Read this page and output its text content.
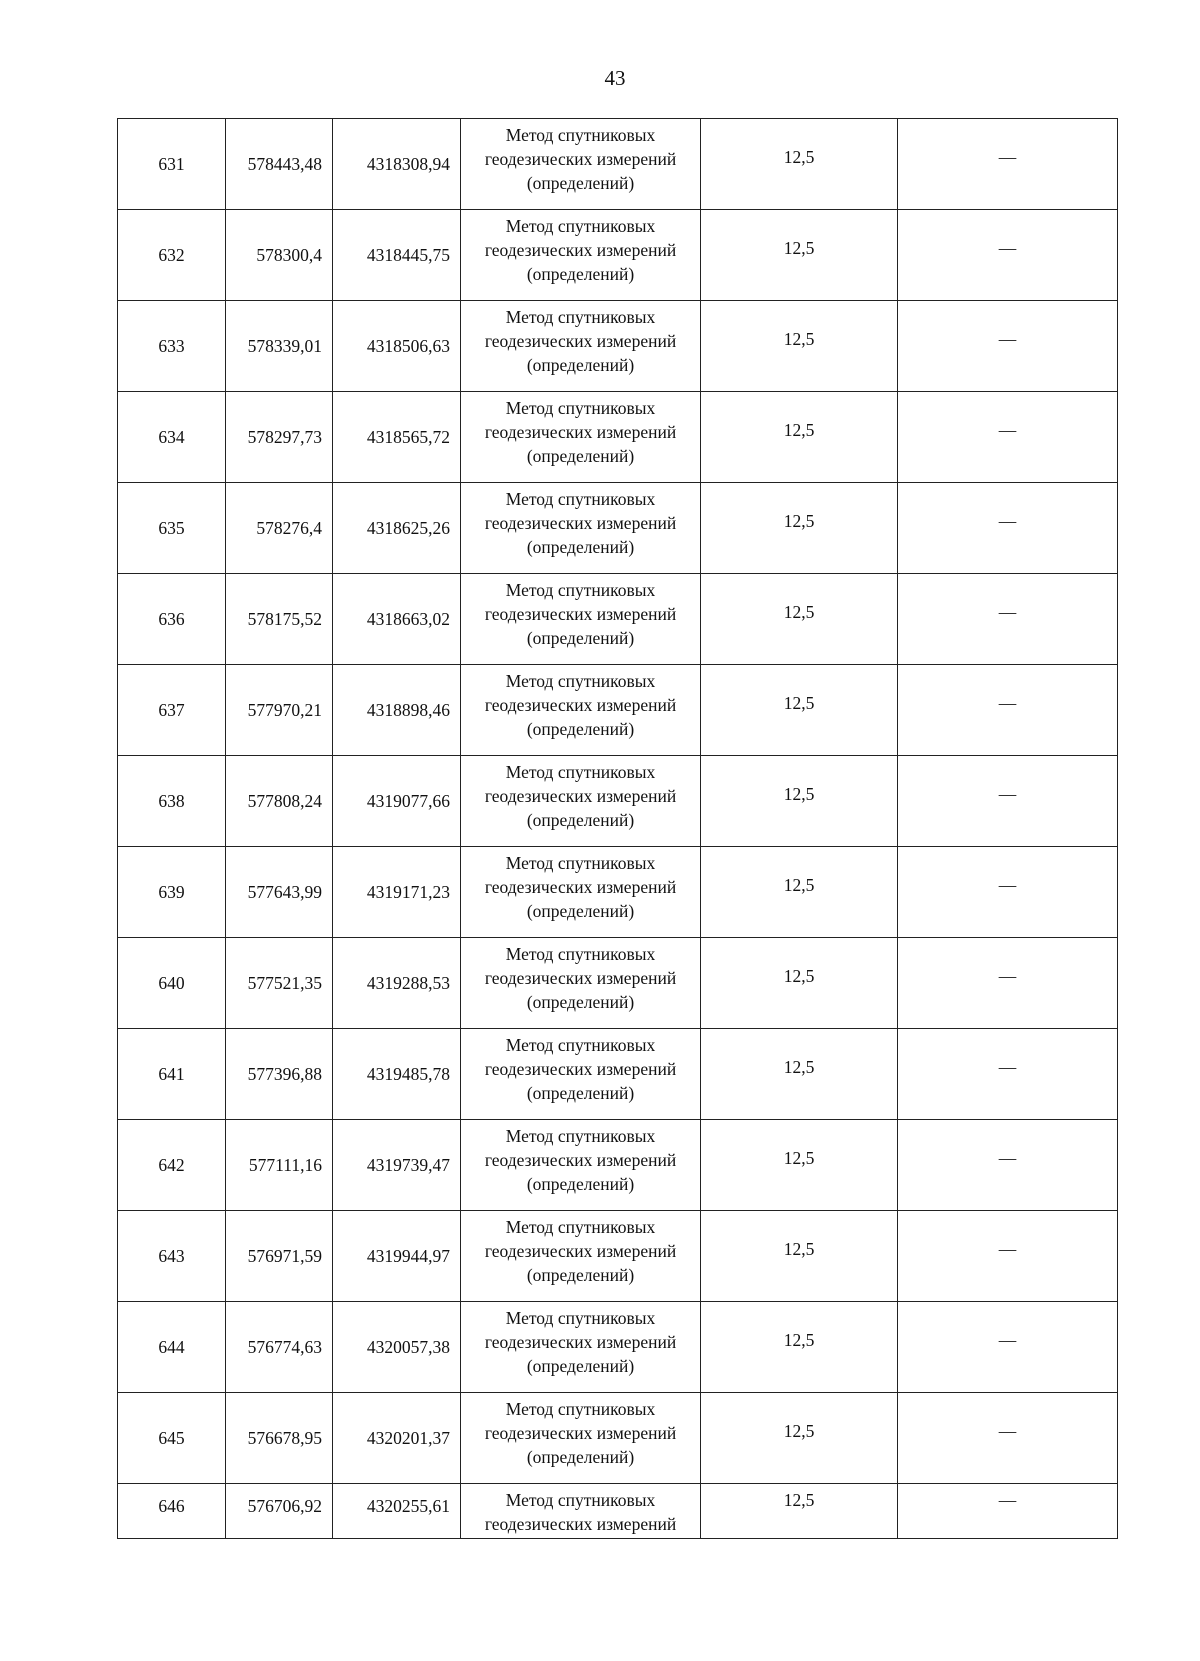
43
631	578443,48	4318308,94	Метод спутниковых
геодезических измерений
(определений)	12,5	—
632	578300,4	4318445,75	Метод спутниковых
геодезических измерений
(определений)	12,5	—
633	578339,01	4318506,63	Метод спутниковых
геодезических измерений
(определений)	12,5	—
634	578297,73	4318565,72	Метод спутниковых
геодезических измерений
(определений)	12,5	—
635	578276,4	4318625,26	Метод спутниковых
геодезических измерений
(определений)	12,5	—
636	578175,52	4318663,02	Метод спутниковых
геодезических измерений
(определений)	12,5	—
637	577970,21	4318898,46	Метод спутниковых
геодезических измерений
(определений)	12,5	—
638	577808,24	4319077,66	Метод спутниковых
геодезических измерений
(определений)	12,5	—
639	577643,99	4319171,23	Метод спутниковых
геодезических измерений
(определений)	12,5	—
640	577521,35	4319288,53	Метод спутниковых
геодезических измерений
(определений)	12,5	—
641	577396,88	4319485,78	Метод спутниковых
геодезических измерений
(определений)	12,5	—
642	577111,16	4319739,47	Метод спутниковых
геодезических измерений
(определений)	12,5	—
643	576971,59	4319944,97	Метод спутниковых
геодезических измерений
(определений)	12,5	—
644	576774,63	4320057,38	Метод спутниковых
геодезических измерений
(определений)	12,5	—
645	576678,95	4320201,37	Метод спутниковых
геодезических измерений
(определений)	12,5	—
646	576706,92	4320255,61	Метод спутниковых
геодезических измерений	12,5	—
